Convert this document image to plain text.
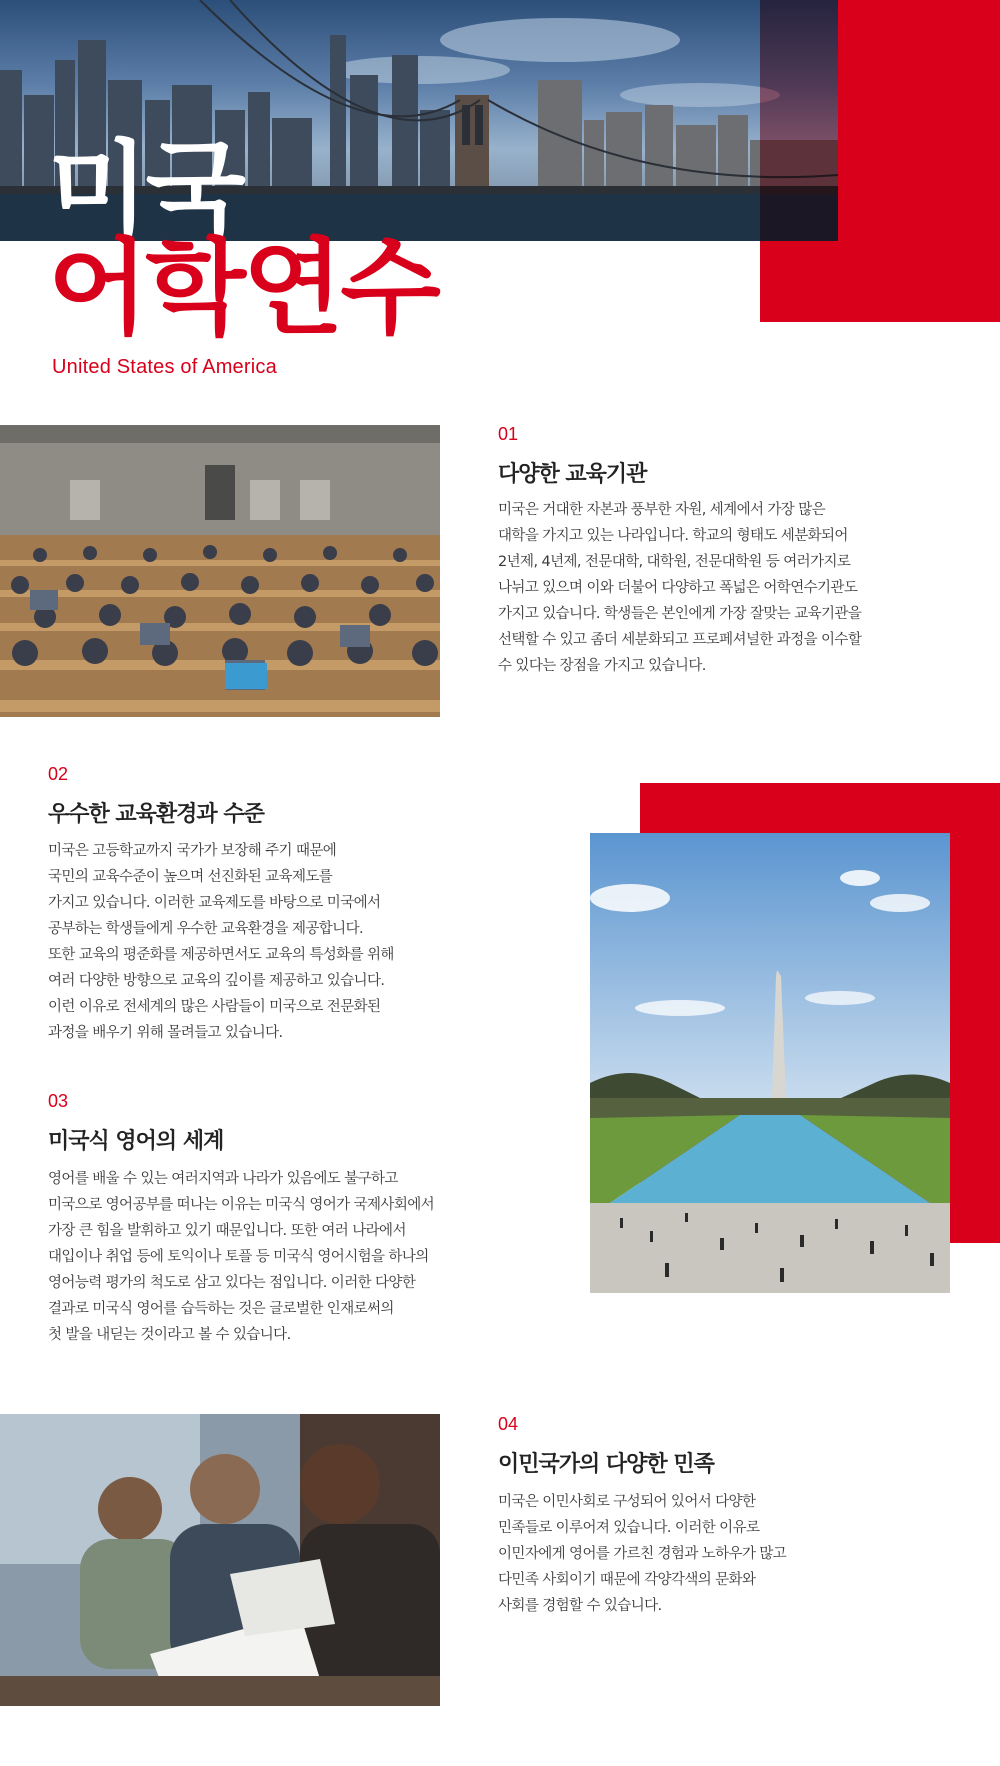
미국
어학연수
United States of America
01
다양한 교육기관

미국은 거대한 자본과 풍부한 자원, 세계에서 가장 많은
대학을 가지고 있는 나라입니다. 학교의 형태도 세분화되어
2년제, 4년제, 전문대학, 대학원, 전문대학원 등 여러가지로
나뉘고 있으며 이와 더불어 다양하고 폭넓은 어학연수기관도
가지고 있습니다. 학생들은 본인에게 가장 잘맞는 교육기관을
선택할 수 있고 좀더 세분화되고 프로페셔널한 과정을 이수할
수 있다는 장점을 가지고 있습니다.

02
우수한 교육환경과 수준

미국은 고등학교까지 국가가 보장해 주기 때문에
국민의 교육수준이 높으며 선진화된 교육제도를
가지고 있습니다. 이러한 교육제도를 바탕으로 미국에서
공부하는 학생들에게 우수한 교육환경을 제공합니다.
또한 교육의 평준화를 제공하면서도 교육의 특성화를 위해
여러 다양한 방향으로 교육의 깊이를 제공하고 있습니다.
이런 이유로 전세계의 많은 사람들이 미국으로 전문화된
과정을 배우기 위해 몰려들고 있습니다.

03
미국식 영어의 세계

영어를 배울 수 있는 여러지역과 나라가 있음에도 불구하고
미국으로 영어공부를 떠나는 이유는 미국식 영어가 국제사회에서
가장 큰 힘을 발휘하고 있기 때문입니다. 또한 여러 나라에서
대입이나 취업 등에 토익이나 토플 등 미국식 영어시험을 하나의
영어능력 평가의 척도로 삼고 있다는 점입니다. 이러한 다양한
결과로 미국식 영어를 습득하는 것은 글로벌한 인재로써의
첫 발을 내딛는 것이라고 볼 수 있습니다.

04
이민국가의 다양한 민족

미국은 이민사회로 구성되어 있어서 다양한
민족들로 이루어져 있습니다. 이러한 이유로
이민자에게 영어를 가르친 경험과 노하우가 많고
다민족 사회이기 때문에 각양각색의 문화와
사회를 경험할 수 있습니다.
